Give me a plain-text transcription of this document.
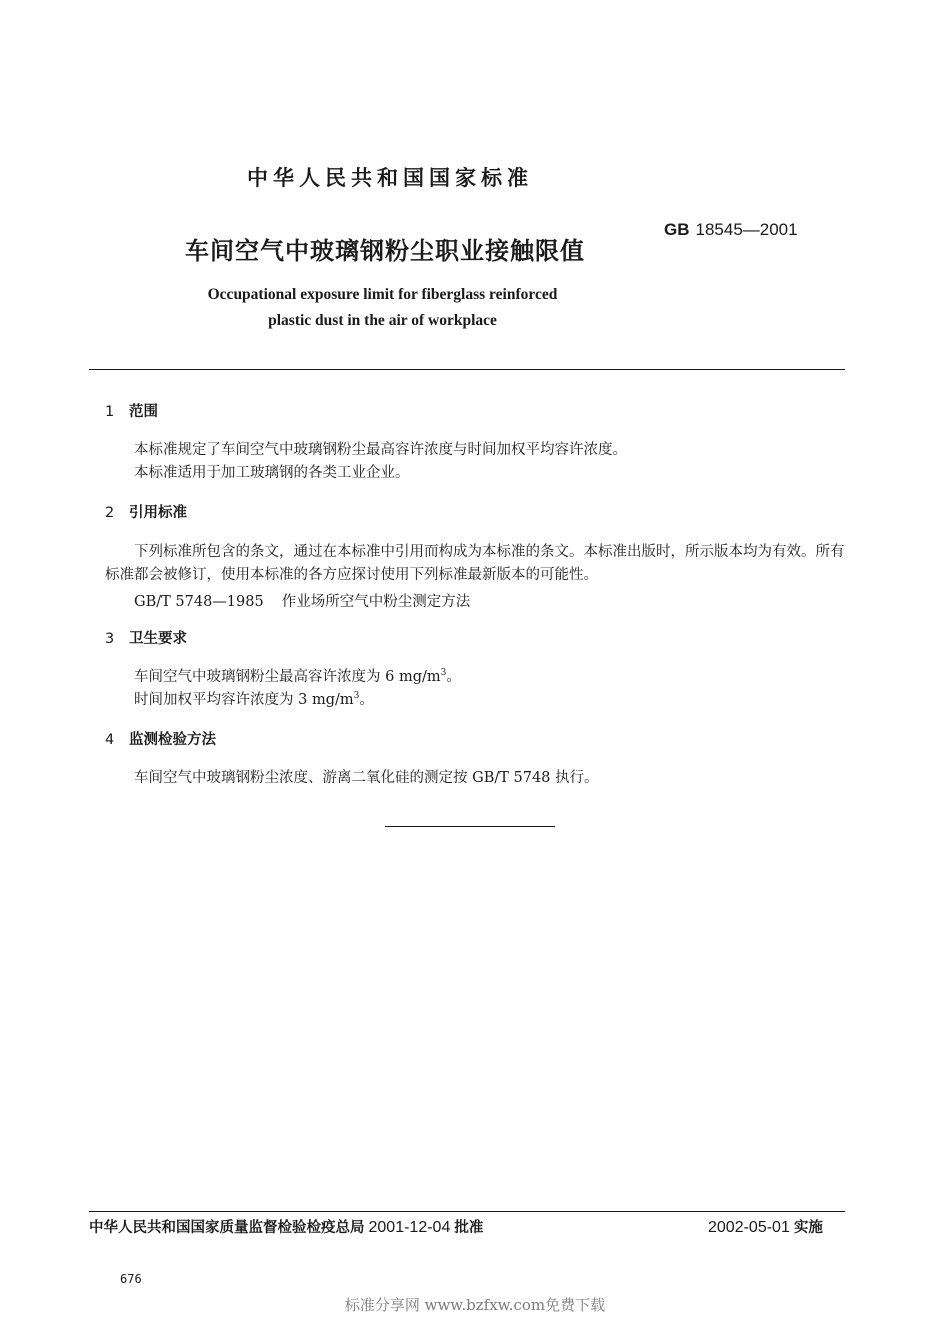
中华人民共和国国家标准
GB 18545—2001
车间空气中玻璃钢粉尘职业接触限值
Occupational exposure limit for fiberglass reinforced
plastic dust in the air of workplace
1 范围
本标准规定了车间空气中玻璃钢粉尘最高容许浓度与时间加权平均容许浓度。
本标准适用于加工玻璃钢的各类工业企业。
2 引用标准
下列标准所包含的条文，通过在本标准中引用而构成为本标准的条文。本标准出版时，所示版本均为有效。所有标准都会被修订，使用本标准的各方应探讨使用下列标准最新版本的可能性。
GB/T 5748—1985 作业场所空气中粉尘测定方法
3 卫生要求
车间空气中玻璃钢粉尘最高容许浓度为 6 $mg/m^3$。
时间加权平均容许浓度为 3 $mg/m^3$。
4 监测检验方法
车间空气中玻璃钢粉尘浓度、游离二氧化硅的测定按 GB/T 5748 执行。
中华人民共和国国家质量监督检验检疫总局 2001-12-04 批准	2002-05-01 实施
676
标准分享网 www.bzfxw.com免费下载
